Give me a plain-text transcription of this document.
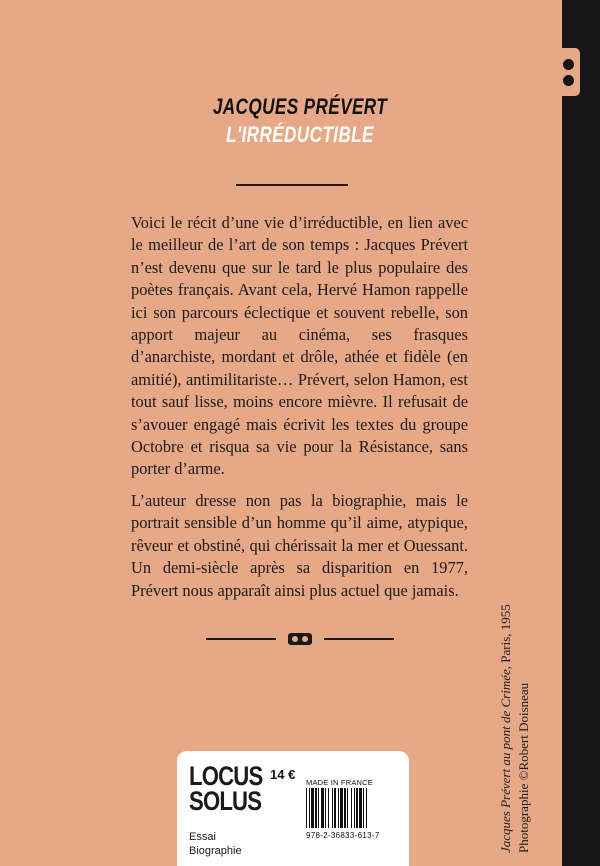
JACQUES PRÉVERT
L'IRRÉDUCTIBLE
Voici le récit d’une vie d’irréductible, en lien avec le meilleur de l’art de son temps : Jacques Prévert n’est devenu que sur le tard le plus populaire des poètes français. Avant cela, Hervé Hamon rappelle ici son parcours éclectique et souvent rebelle, son apport majeur au cinéma, ses frasques d’anarchiste, mordant et drôle, athée et fidèle (en amitié), antimilitariste… Prévert, selon Hamon, est tout sauf lisse, moins encore mièvre. Il refusait de s’avouer engagé mais écrivit les textes du groupe Octobre et risqua sa vie pour la Résistance, sans porter d’arme.
L’auteur dresse non pas la biographie, mais le portrait sensible d’un homme qu’il aime, atypique, rêveur et obstiné, qui chérissait la mer et Ouessant. Un demi-siècle après sa disparition en 1977, Prévert nous apparaît ainsi plus actuel que jamais.
Jacques Prévert au pont de Crimée, Paris, 1955
Photographie ©Robert Doisneau
LOCUS
SOLUS
Essai
Biographie
14 €
MADE IN FRANCE
978-2-36833-613-7
